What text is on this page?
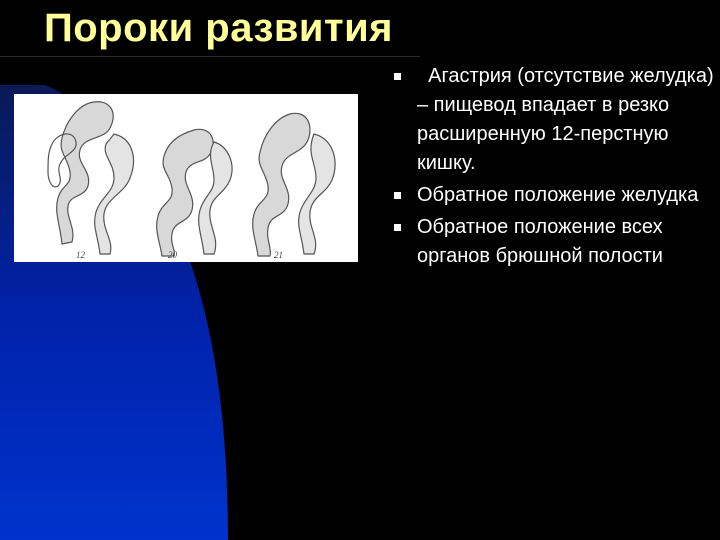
Пороки развития
12	20	21
Агастрия (отсутствие желудка) – пищевод впадает в резко расширенную 12-перстную кишку.
Обратное положение желудка
Обратное положение всех органов брюшной полости
